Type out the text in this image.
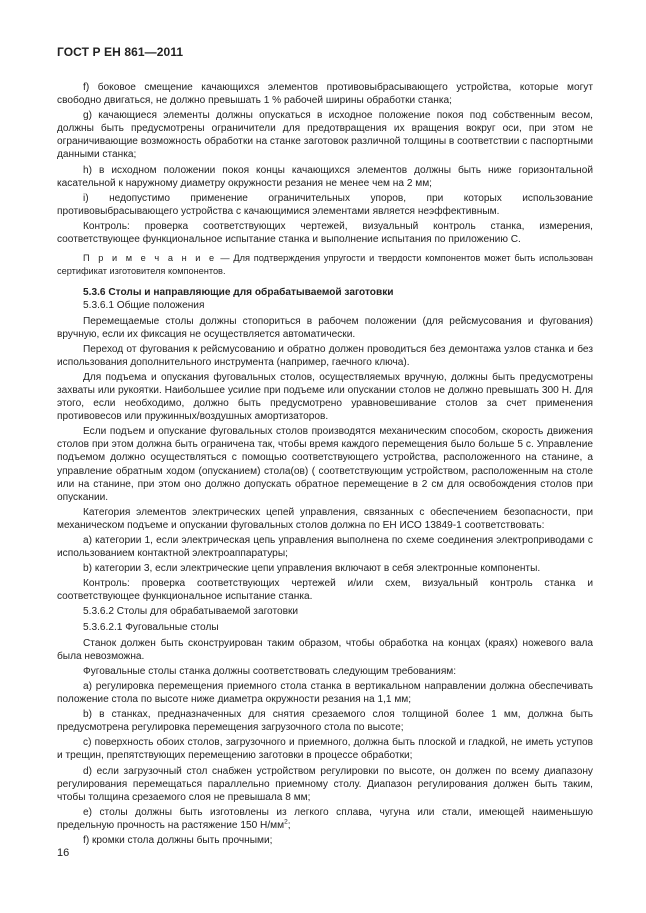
ГОСТ Р ЕН 861—2011

f) боковое смещение качающихся элементов противовыбрасывающего устройства, которые могут свободно двигаться, не должно превышать 1 % рабочей ширины обработки станка;

g) качающиеся элементы должны опускаться в исходное положение покоя под собственным весом, должны быть предусмотрены ограничители для предотвращения их вращения вокруг оси, при этом не ограничивающие возможность обработки на станке заготовок различной толщины в соответствии с паспортными данными станка;

h) в исходном положении покоя концы качающихся элементов должны быть ниже горизонтальной касательной к наружному диаметру окружности резания не менее чем на 2 мм;

i) недопустимо применение ограничительных упоров, при которых использование противовыбрасывающего устройства с качающимися элементами является неэффективным.

Контроль: проверка соответствующих чертежей, визуальный контроль станка, измерения, соответствующее функциональное испытание станка и выполнение испытания по приложению С.

П р и м е ч а н и е — Для подтверждения упругости и твердости компонентов может быть использован сертификат изготовителя компонентов.

5.3.6 Столы и направляющие для обрабатываемой заготовки

5.3.6.1 Общие положения

Перемещаемые столы должны стопориться в рабочем положении (для рейсмусования и фугования) вручную, если их фиксация не осуществляется автоматически.

Переход от фугования к рейсмусованию и обратно должен проводиться без демонтажа узлов станка и без использования дополнительного инструмента (например, гаечного ключа).

Для подъема и опускания фуговальных столов, осуществляемых вручную, должны быть предусмотрены захваты или рукоятки. Наибольшее усилие при подъеме или опускании столов не должно превышать 300 Н. Для этого, если необходимо, должно быть предусмотрено уравновешивание столов за счет применения противовесов или пружинных/воздушных амортизаторов.

Если подъем и опускание фуговальных столов производятся механическим способом, скорость движения столов при этом должна быть ограничена так, чтобы время каждого перемещения было больше 5 с. Управление подъемом должно осуществляться с помощью соответствующего устройства, расположенного на станине, а управление обратным ходом (опусканием) стола(ов) ( соответствующим устройством, расположенным на столе или на станине, при этом оно должно допускать обратное перемещение в 2 см для освобождения столов при опускании.

Категория элементов электрических цепей управления, связанных с обеспечением безопасности, при механическом подъеме и опускании фуговальных столов должна по ЕН ИСО 13849-1 соответствовать:

a) категории 1, если электрическая цепь управления выполнена по схеме соединения электроприводами с использованием контактной электроаппаратуры;

b) категории 3, если электрические цепи управления включают в себя электронные компоненты.

Контроль: проверка соответствующих чертежей и/или схем, визуальный контроль станка и соответствующее функциональное испытание станка.

5.3.6.2 Столы для обрабатываемой заготовки

5.3.6.2.1 Фуговальные столы

Станок должен быть сконструирован таким образом, чтобы обработка на концах (краях) ножевого вала была невозможна.

Фуговальные столы станка должны соответствовать следующим требованиям:

a) регулировка перемещения приемного стола станка в вертикальном направлении должна обеспечивать положение стола по высоте ниже диаметра окружности резания на 1,1 мм;

b) в станках, предназначенных для снятия срезаемого слоя толщиной более 1 мм, должна быть предусмотрена регулировка перемещения загрузочного стола по высоте;

c) поверхность обоих столов, загрузочного и приемного, должна быть плоской и гладкой, не иметь уступов и трещин, препятствующих перемещению заготовки в процессе обработки;

d) если загрузочный стол снабжен устройством регулировки по высоте, он должен по всему диапазону регулирования перемещаться параллельно приемному столу. Диапазон регулирования должен быть таким, чтобы толщина срезаемого слоя не превышала 8 мм;

e) столы должны быть изготовлены из легкого сплава, чугуна или стали, имеющей наименьшую предельную прочность на растяжение 150 $Н/мм^2$;

f) кромки стола должны быть прочными;

16
